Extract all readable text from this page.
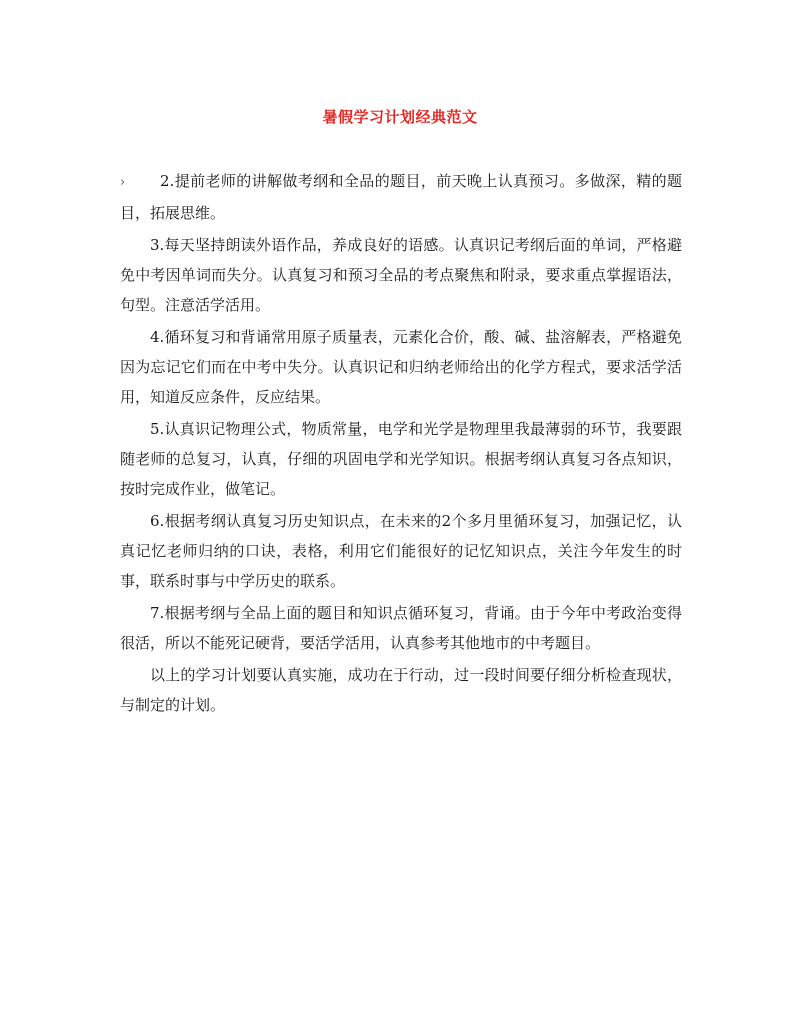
暑假学习计划经典范文

› 2.提前老师的讲解做考纲和全品的题目，前天晚上认真预习。多做深，精的题目，拓展思维。

3.每天坚持朗读外语作品，养成良好的语感。认真识记考纲后面的单词，严格避免中考因单词而失分。认真复习和预习全品的考点聚焦和附录，要求重点掌握语法，句型。注意活学活用。

4.循环复习和背诵常用原子质量表，元素化合价，酸、碱、盐溶解表，严格避免因为忘记它们而在中考中失分。认真识记和归纳老师给出的化学方程式，要求活学活用，知道反应条件，反应结果。

5.认真识记物理公式，物质常量，电学和光学是物理里我最薄弱的环节，我要跟随老师的总复习，认真，仔细的巩固电学和光学知识。根据考纲认真复习各点知识，按时完成作业，做笔记。

6.根据考纲认真复习历史知识点，在未来的2个多月里循环复习，加强记忆，认真记忆老师归纳的口诀，表格，利用它们能很好的记忆知识点，关注今年发生的时事，联系时事与中学历史的联系。

7.根据考纲与全品上面的题目和知识点循环复习，背诵。由于今年中考政治变得很活，所以不能死记硬背，要活学活用，认真参考其他地市的中考题目。

以上的学习计划要认真实施，成功在于行动，过一段时间要仔细分析检查现状，与制定的计划。
